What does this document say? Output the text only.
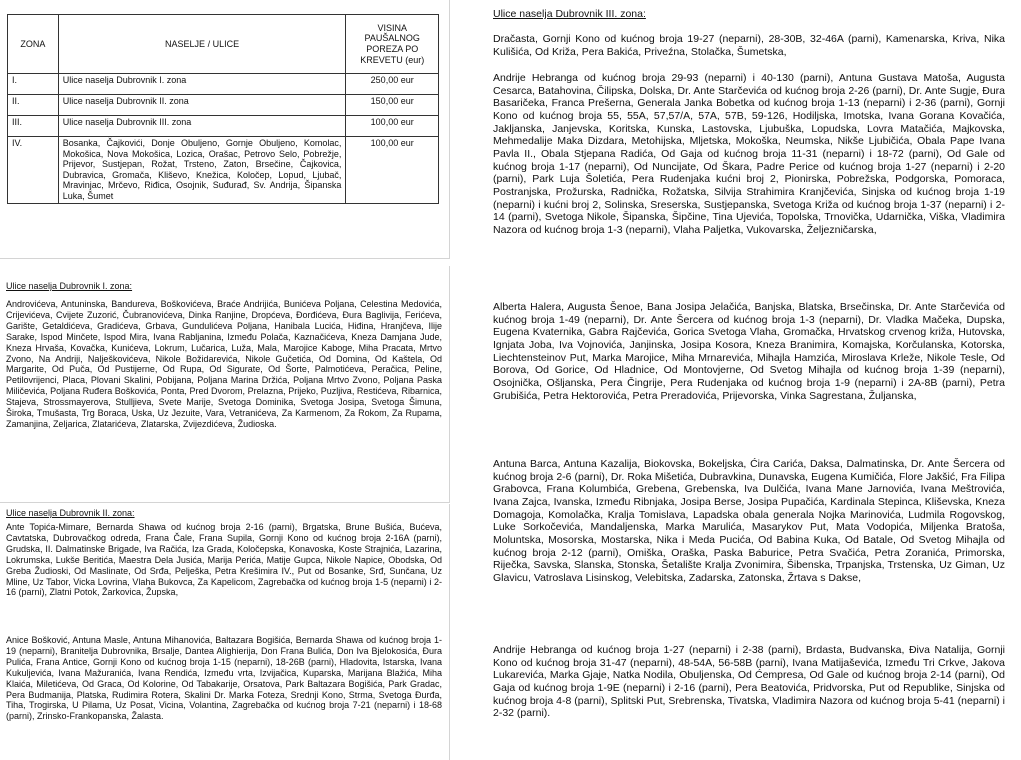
ZONA	NASELJE / ULICE	VISINA PAUŠALNOG POREZA PO KREVETU (eur)
I.	Ulice naselja Dubrovnik I. zona	250,00 eur
II.	Ulice naselja Dubrovnik II. zona	150,00 eur
III.	Ulice naselja Dubrovnik III. zona	100,00 eur
IV.	Bosanka, Čajkovići, Donje Obuljeno, Gornje Obuljeno, Komolac, Mokošica, Nova Mokošica, Lozica, Orašac, Petrovo Selo, Pobrežje, Prijevor, Sustjepan, Rožat, Trsteno, Zaton, Brsečine, Čajkovica, Dubravica, Gromača, Kliševo, Knežica, Koločep, Lopud, Ljubač, Mravinjac, Mrčevo, Riđica, Osojnik, Suđurađ, Sv. Andrija, Šipanska Luka, Šumet	100,00 eur

Ulice naselja Dubrovnik I. zona:

Androvićeva, Antuninska, Bandureva, Boškovićeva, Braće Andrijića, Bunićeva Poljana, Celestina Medovića, Crijevićeva, Cvijete Zuzorić, Čubranovićeva, Dinka Ranjine, Dropćeva, Đorđićeva, Đura Baglivija, Ferićeva, Garište, Getaldićeva, Gradićeva, Grbava, Gundulićeva Poljana, Hanibala Lucića, Hiđina, Hranjčeva, Ilije Sarake, Ispod Minčete, Ispod Mira, Ivana Rabljanina, Između Polača, Kaznačićeva, Kneza Damjana Jude, Kneza Hrvaša, Kovačka, Kunićeva, Lokrum, Lučarica, Luža, Mala, Marojice Kaboge, Miha Pracata, Mrtvo Zvono, Na Andriji, Nalješkovićeva, Nikole Božidarevića, Nikole Gučetića, Od Domina, Od Kaštela, Od Margarite, Od Puča, Od Pustijerne, Od Rupa, Od Sigurate, Od Šorte, Palmotićeva, Peračica, Peline, Petilovrijenci, Placa, Plovani Skalini, Pobijana, Poljana Marina Držića, Poljana Mrtvo Zvono, Poljana Paska Miličevića, Poljana Ruđera Boškovića, Ponta, Pred Dvorom, Prelazna, Prijeko, Puzljiva, Restićeva, Ribarnica, Stajeva, Strossmayerova, Stulljieva, Svete Marije, Svetoga Dominika, Svetoga Josipa, Svetoga Šimuna, Široka, Tmušasta, Trg Boraca, Uska, Uz Jezuite, Vara, Vetranićeva, Za Karmenom, Za Rokom, Za Rupama, Zamanjina, Zeljarica, Zlatarićeva, Zlatarska, Zvijezdićeva, Žudioska.

Ulice naselja Dubrovnik II. zona:

Ante Topića-Mimare, Bernarda Shawa od kućnog broja 2-16 (parni), Brgatska, Brune Bušića, Bućeva, Cavtatska, Dubrovačkog odreda, Frana Čale, Frana Supila, Gornji Kono od kućnog broja 2-16A (parni), Grudska, II. Dalmatinske Brigade, Iva Račića, Iza Grada, Koločepska, Konavoska, Koste Strajnića, Lazarina, Lokrumska, Lukše Beritića, Maestra Dela Jusića, Marija Perića, Matije Gupca, Nikole Napice, Obodska, Od Greba Žudioski, Od Maslinate, Od Srđa, Pelješka, Petra Krešimira IV., Put od Bosanke, Srđ, Sunčana, Uz Mline, Uz Tabor, Vicka Lovrina, Vlaha Bukovca, Za Kapelicom, Zagrebačka od kućnog broja 1-5 (neparni) i 2-16 (parni), Zlatni Potok, Žarkovica, Župska,

Anice Bošković, Antuna Masle, Antuna Mihanovića, Baltazara Bogišića, Bernarda Shawa od kućnog broja 1-19 (neparni), Branitelja Dubrovnika, Brsalje, Dantea Alighierija, Don Frana Bulića, Don Iva Bjelokosića, Đura Pulića, Frana Antice, Gornji Kono od kućnog broja 1-15 (neparni), 18-26B (parni), Hladovita, Istarska, Ivana Kukuljevića, Ivana Mažuranića, Ivana Rendića, Između vrta, Izvijačica, Kuparska, Marijana Blažića, Miha Klaića, Miletićeva, Od Graca, Od Kolorine, Od Tabakarije, Orsatova, Park Baltazara Bogišića, Park Gradac, Pera Budmanija, Platska, Rudimira Rotera, Skalini Dr. Marka Foteza, Srednji Kono, Strma, Svetoga Đurđa, Tiha, Trogirska, U Pilama, Uz Posat, Vicina, Volantina, Zagrebačka od kućnog broja 7-21 (neparni) i 18-68 (parni), Zrinsko-Frankopanska, Žalasta.

Ulice naselja Dubrovnik III. zona:

Dračasta, Gornji Kono od kućnog broja 19-27 (neparni), 28-30B, 32-46A (parni), Kamenarska, Kriva, Nika Kulišića, Od Križa, Pera Bakića, Priveźna, Stolačka, Šumetska,

Andrije Hebranga od kućnog broja 29-93 (neparni) i 40-130 (parni), Antuna Gustava Matoša, Augusta Cesarca, Batahovina, Čilipska, Dolska, Dr. Ante Starčevića od kućnog broja 2-26 (parni), Dr. Ante Sugje, Đura Basaričeka, Franca Prešerna, Generala Janka Bobetka od kućnog broja 1-13 (neparni) i 2-36 (parni), Gornji Kono od kućnog broja 55, 55A, 57,57/A, 57A, 57B, 59-126, Hodiljska, Imotska, Ivana Gorana Kovačića, Jakljanska, Janjevska, Koritska, Kunska, Lastovska, Ljubuška, Lopudska, Lovra Matačića, Majkovska, Mehmedalije Maka Dizdara, Metohijska, Mljetska, Mokoška, Neumska, Nikše Ljubičića, Obala Pape Ivana Pavla II., Obala Stjepana Radića, Od Gaja od kućnog broja 11-31 (neparni) i 18-72 (parni), Od Gale od kućnog broja 1-17 (neparni), Od Nuncijate, Od Škara, Padre Perice od kućnog broja 1-27 (neparni) i 2-20 (parni), Park Luja Šoletića, Pera Rudenjaka kućni broj 2, Pionirska, Pobrežska, Podgorska, Pomoraca, Postranjska, Prožurska, Radnička, Rožatska, Silvija Strahimira Kranjčevića, Sinjska od kućnog broja 1-19 (neparni) i kućni broj 2, Solinska, Sreserska, Sustjepanska, Svetoga Križa od kućnog broja 1-37 (neparni) i 2-14 (parni), Svetoga Nikole, Šipanska, Šipčine, Tina Ujevića, Topolska, Trnovička, Udarnička, Viška, Vladimira Nazora od kućnog broja 1-3 (neparni), Vlaha Paljetka, Vukovarska, Željezničarska,

Alberta Halera, Augusta Šenoe, Bana Josipa Jelačića, Banjska, Blatska, Brsečinska, Dr. Ante Starčevića od kućnog broja 1-49 (neparni), Dr. Ante Šercera od kućnog broja 1-3 (neparni), Dr. Vladka Mačeka, Dupska, Eugena Kvaternika, Gabra Rajčevića, Gorica Svetoga Vlaha, Gromačka, Hrvatskog crvenog križa, Hutovska, Ignjata Joba, Iva Vojnovića, Janjinska, Josipa Kosora, Kneza Branimira, Komajska, Korčulanska, Kotorska, Liechtensteinov Put, Marka Marojice, Miha Mrnarevića, Mihajla Hamzića, Miroslava Krleže, Nikole Tesle, Od Borova, Od Gorice, Od Hladnice, Od Montovjerne, Od Svetog Mihajla od kućnog broja 1-39 (neparni), Osojnička, Ošljanska, Pera Čingrije, Pera Rudenjaka od kućnog broja 1-9 (neparni) i 2A-8B (parni), Petra Grubišića, Petra Hektorovića, Petra Preradovića, Prijevorska, Vinka Sagrestana, Žuljanska,

Antuna Barca, Antuna Kazalija, Biokovska, Bokeljska, Ćira Carića, Daksa, Dalmatinska, Dr. Ante Šercera od kućnog broja 2-6 (parni), Dr. Roka Mišetića, Dubravkina, Dunavska, Eugena Kumičića, Flore Jakšić, Fra Filipa Grabovca, Frana Kolumbića, Grebena, Grebenska, Iva Dulčića, Ivana Mane Jarnovića, Ivana Meštrovića, Ivana Zajca, Ivanska, Između Ribnjaka, Josipa Berse, Josipa Pupačića, Kardinala Stepinca, Kliševska, Kneza Domagoja, Komolačka, Kralja Tomislava, Lapadska obala generala Nojka Marinovića, Ludmila Rogovskog, Luke Sorkočevića, Mandaljenska, Marka Marulića, Masarykov Put, Mata Vodopića, Miljenka Bratoša, Moluntska, Mosorska, Mostarska, Nika i Meda Pucića, Od Babina Kuka, Od Batale, Od Svetog Mihajla od kućnog broja 2-12 (parni), Omiška, Oraška, Paska Baburice, Petra Svačića, Petra Zoranića, Primorska, Riječka, Savska, Slanska, Stonska, Šetalište Kralja Zvonimira, Šibenska, Trpanjska, Trstenska, Uz Giman, Uz Glavicu, Vatroslava Lisinskog, Velebitska, Zadarska, Zatonska, Žrtava s Dakse,

Andrije Hebranga od kućnog broja 1-27 (neparni) i 2-38 (parni), Brdasta, Budvanska, Điva Natalija, Gornji Kono od kućnog broja 31-47 (neparni), 48-54A, 56-58B (parni), Ivana Matijaševića, Između Tri Crkve, Jakova Lukarevića, Marka Gjaje, Natka Nodila, Obuljenska, Od Ćempresa, Od Gale od kućnog broja 2-14 (parni), Od Gaja od kućnog broja 1-9E (neparni) i 2-16 (parni), Pera Beatovića, Pridvorska, Put od Republike, Sinjska od kućnog broja 4-8 (parni), Splitski Put, Srebrenska, Tivatska, Vladimira Nazora od kućnog broja 5-41 (neparni) i 2-32 (parni).
